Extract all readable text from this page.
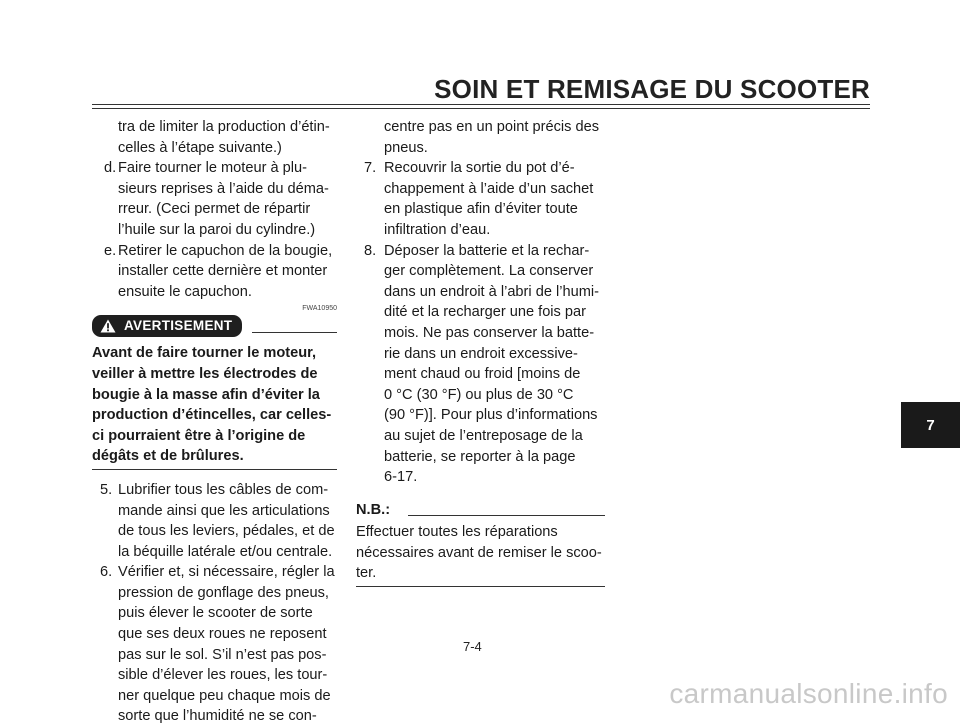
SOIN ET REMISAGE DU SCOOTER
tra de limiter la production d’étin-
celles à l’étape suivante.)
d. Faire tourner le moteur à plu-
sieurs reprises à l’aide du déma-
rreur. (Ceci permet de répartir
l’huile sur la paroi du cylindre.)
e. Retirer le capuchon de la bougie,
installer cette dernière et monter
ensuite le capuchon.
FWA10950
AVERTISEMENT
Avant de faire tourner le moteur,
veiller à mettre les électrodes de
bougie à la masse afin d’éviter la
production d’étincelles, car celles-
ci pourraient être à l’origine de
dégâts et de brûlures.
5. Lubrifier tous les câbles de com-
mande ainsi que les articulations
de tous les leviers, pédales, et de
la béquille latérale et/ou centrale.
6. Vérifier et, si nécessaire, régler la
pression de gonflage des pneus,
puis élever le scooter de sorte
que ses deux roues ne reposent
pas sur le sol. S’il n’est pas pos-
sible d’élever les roues, les tour-
ner quelque peu chaque mois de
sorte que l’humidité ne se con-
centre pas en un point précis des
pneus.
7. Recouvrir la sortie du pot d’é-
chappement à l’aide d’un sachet
en plastique afin d’éviter toute
infiltration d’eau.
8. Déposer la batterie et la rechar-
ger complètement. La conserver
dans un endroit à l’abri de l’humi-
dité et la recharger une fois par
mois. Ne pas conserver la batte-
rie dans un endroit excessive-
ment chaud ou froid [moins de
0 °C (30 °F) ou plus de 30 °C
(90 °F)]. Pour plus d’informations
au sujet de l’entreposage de la
batterie, se reporter à la page
6-17.
N.B.:
Effectuer toutes les réparations
nécessaires avant de remiser le scoo-
ter.
7-4
7
carmanualsonline.info
